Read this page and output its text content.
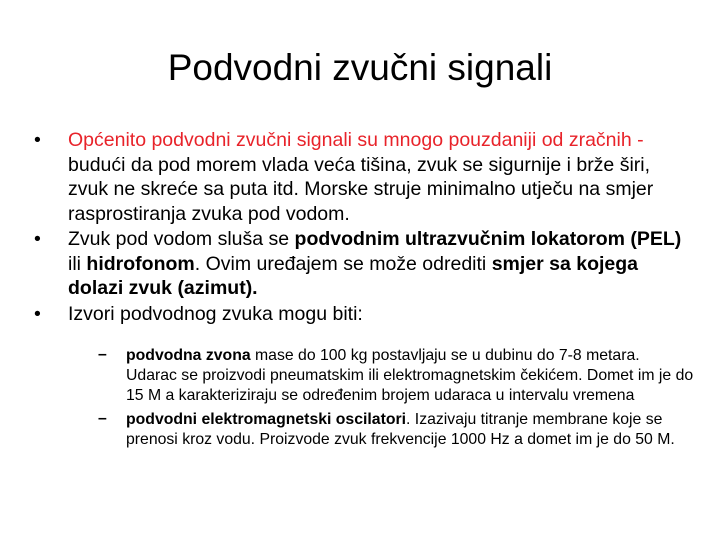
Podvodni zvučni signali
• Općenito podvodni zvučni signali su mnogo pouzdaniji od zračnih - budući da pod morem vlada veća tišina, zvuk se sigurnije i brže širi, zvuk ne skreće sa puta itd. Morske struje minimalno utječu na smjer rasprostiranja zvuka pod vodom.
• Zvuk pod vodom sluša se podvodnim ultrazvučnim lokatorom (PEL) ili hidrofonom. Ovim uređajem se može odrediti smjer sa kojega dolazi zvuk (azimut).
• Izvori podvodnog zvuka mogu biti:
– podvodna zvona mase do 100 kg postavljaju se u dubinu do 7-8 metara. Udarac se proizvodi pneumatskim ili elektromagnetskim čekićem. Domet im je do 15 M a karakteriziraju se određenim brojem udaraca u intervalu vremena
– podvodni elektromagnetski oscilatori. Izazivaju titranje membrane koje se prenosi kroz vodu. Proizvode zvuk frekvencije 1000 Hz a domet im je do 50 M.
